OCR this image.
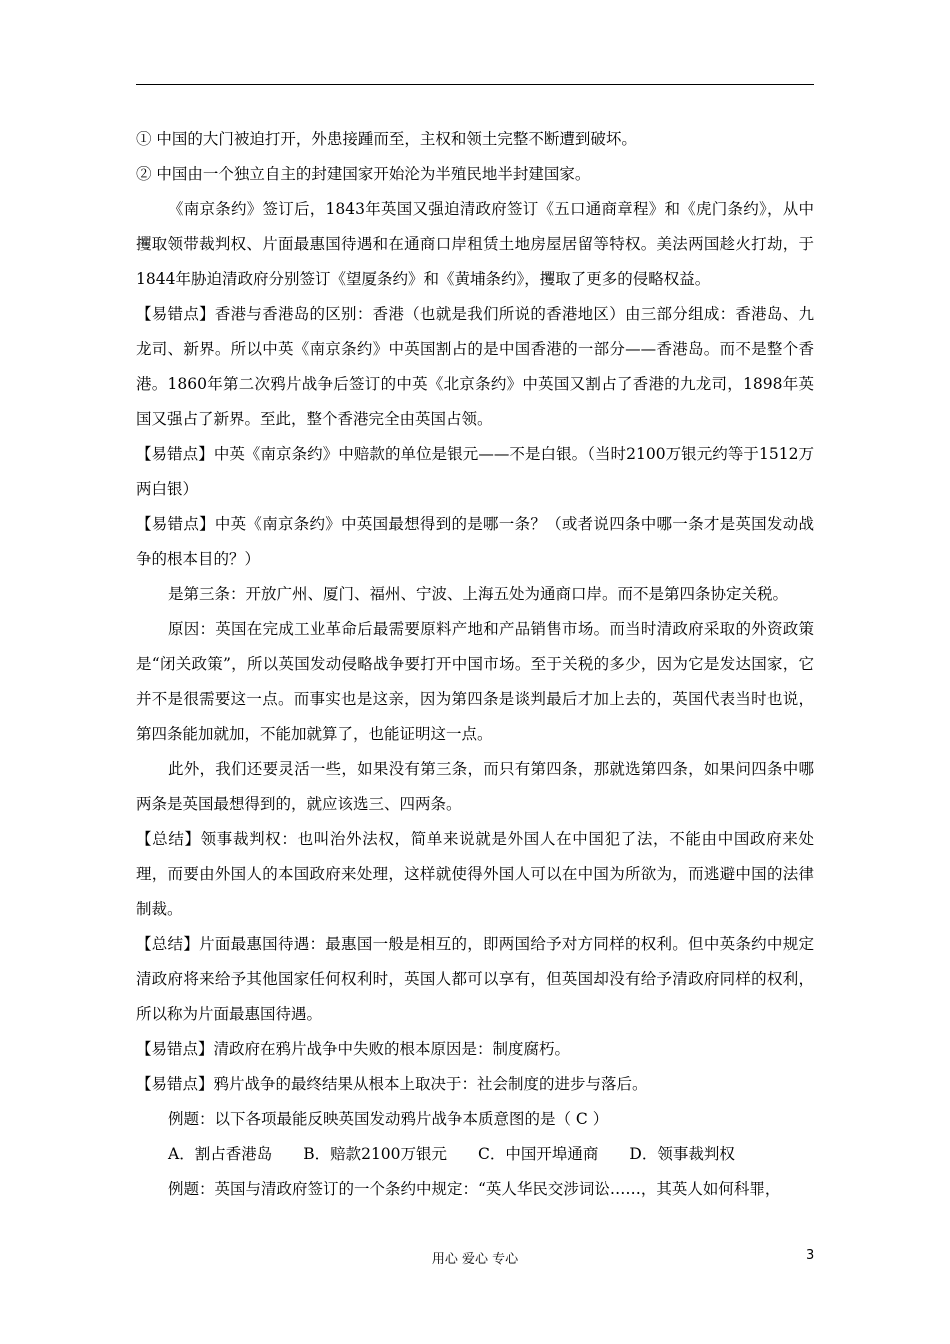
① 中国的大门被迫打开，外患接踵而至，主权和领土完整不断遭到破坏。

② 中国由一个独立自主的封建国家开始沦为半殖民地半封建国家。

《南京条约》签订后，1843年英国又强迫清政府签订《五口通商章程》和《虎门条约》，从中攫取领带裁判权、片面最惠国待遇和在通商口岸租赁土地房屋居留等特权。美法两国趁火打劫，于1844年胁迫清政府分别签订《望厦条约》和《黄埔条约》，攫取了更多的侵略权益。

【易错点】香港与香港岛的区别：香港（也就是我们所说的香港地区）由三部分组成：香港岛、九龙司、新界。所以中英《南京条约》中英国割占的是中国香港的一部分——香港岛。而不是整个香港。1860年第二次鸦片战争后签订的中英《北京条约》中英国又割占了香港的九龙司，1898年英国又强占了新界。至此，整个香港完全由英国占领。

【易错点】中英《南京条约》中赔款的单位是银元——不是白银。（当时2100万银元约等于1512万两白银）

【易错点】中英《南京条约》中英国最想得到的是哪一条？（或者说四条中哪一条才是英国发动战争的根本目的？）

是第三条：开放广州、厦门、福州、宁波、上海五处为通商口岸。而不是第四条协定关税。

原因：英国在完成工业革命后最需要原料产地和产品销售市场。而当时清政府采取的外资政策是“闭关政策”，所以英国发动侵略战争要打开中国市场。至于关税的多少，因为它是发达国家，它并不是很需要这一点。而事实也是这亲，因为第四条是谈判最后才加上去的，英国代表当时也说，第四条能加就加，不能加就算了，也能证明这一点。

此外，我们还要灵活一些，如果没有第三条，而只有第四条，那就选第四条，如果问四条中哪两条是英国最想得到的，就应该选三、四两条。

【总结】领事裁判权：也叫治外法权，简单来说就是外国人在中国犯了法，不能由中国政府来处理，而要由外国人的本国政府来处理，这样就使得外国人可以在中国为所欲为，而逃避中国的法律制裁。

【总结】片面最惠国待遇：最惠国一般是相互的，即两国给予对方同样的权利。但中英条约中规定清政府将来给予其他国家任何权利时，英国人都可以享有，但英国却没有给予清政府同样的权利，所以称为片面最惠国待遇。

【易错点】清政府在鸦片战争中失败的根本原因是：制度腐朽。

【易错点】鸦片战争的最终结果从根本上取决于：社会制度的进步与落后。

例题：以下各项最能反映英国发动鸦片战争本质意图的是（ C ）

A．割占香港岛　　B．赔款2100万银元　　C．中国开埠通商　　D．领事裁判权

例题：英国与清政府签订的一个条约中规定：“英人华民交涉词讼……，其英人如何科罪，

用心 爱心 专心	3
